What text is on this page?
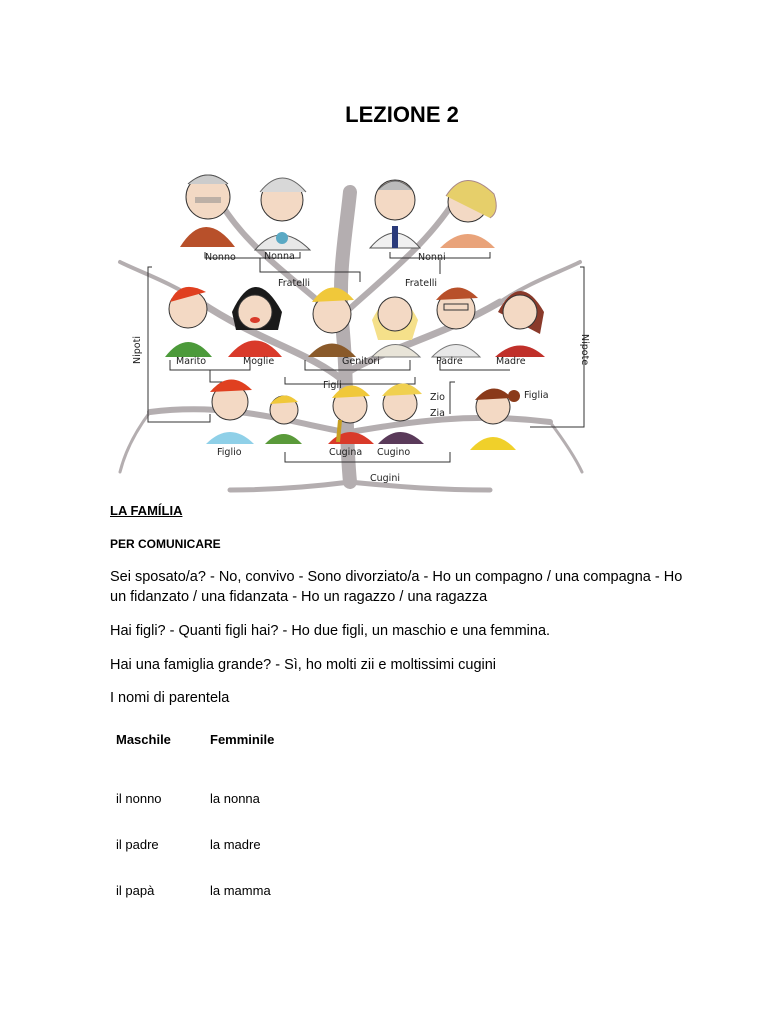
LEZIONE 2
Nonno	Nonna	Nonni
Fratelli	Fratelli
Marito	Moglie	Genitori	Padre	Madre
Figli
Zio
Zia
Figlia
Figlio	Cugina Cugino
Cugini
Nipoti	Nipote
LA FAMÍLIA
PER COMUNICARE

Sei sposato/a? - No, convivo - Sono divorziato/a - Ho un compagno / una compagna - Ho un fidanzato / una fidanzata - Ho un ragazzo / una ragazza

Hai figli? - Quanti figli hai? - Ho due figli, un maschio e una femmina.

Hai una famiglia grande? - Sì, ho molti zii e moltissimi cugini

I nomi di parentela

Maschile	Femminile

il nonno	la nonna
il padre	la madre
il papà	la mamma
